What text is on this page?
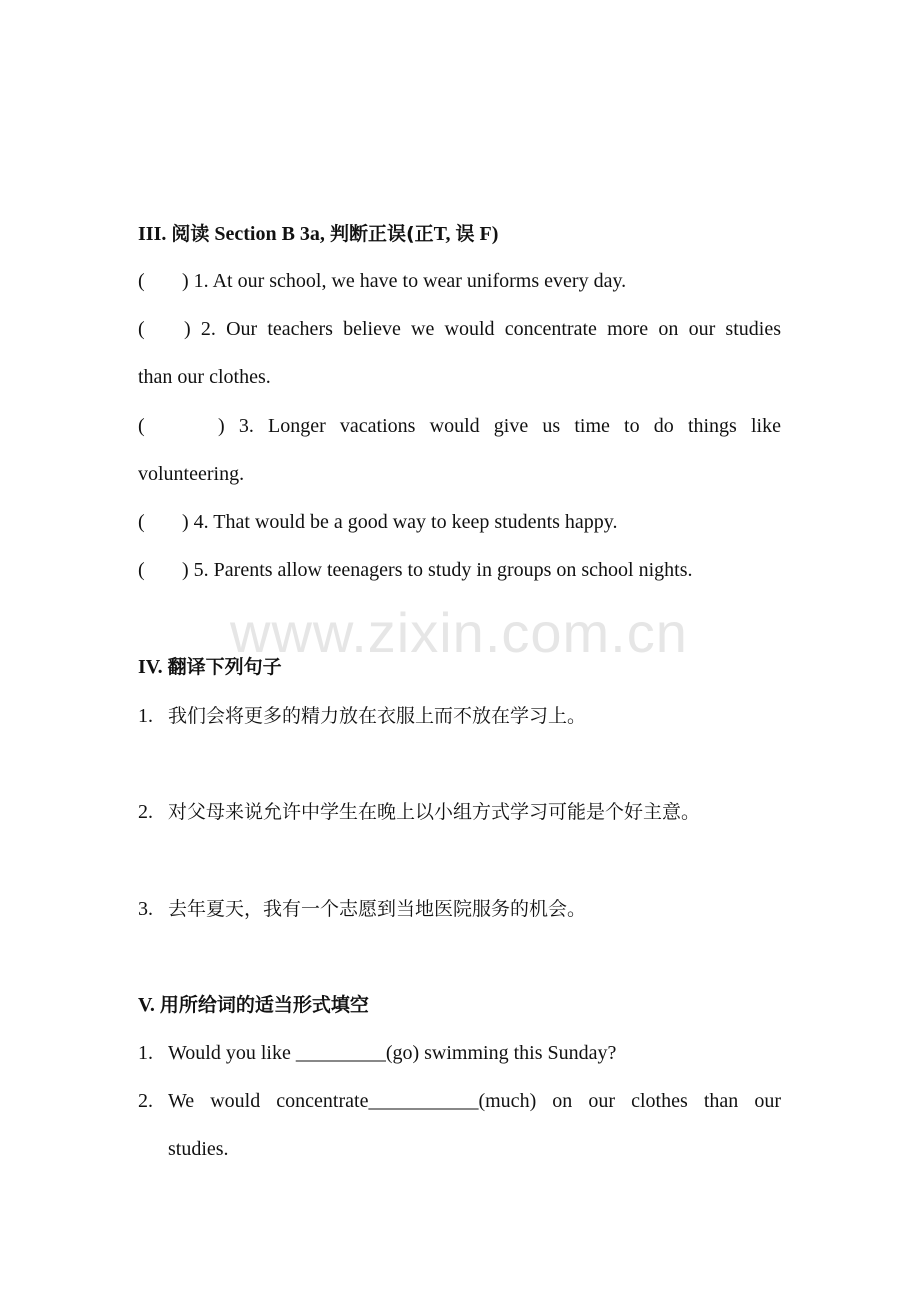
www.zixin.com.cn
III. 阅读 Section B 3a, 判断正误(正T, 误 F)
( ) 1. At our school, we have to wear uniforms every day.
( ) 2. Our teachers believe we would concentrate more on our studies
than our clothes.
(	) 3. Longer vacations would give us time to do things like
volunteering.
( ) 4. That would be a good way to keep students happy.
( ) 5. Parents allow teenagers to study in groups on school nights.
IV. 翻译下列句子
1. 我们会将更多的精力放在衣服上而不放在学习上。
2. 对父母来说允许中学生在晚上以小组方式学习可能是个好主意。
3. 去年夏天，我有一个志愿到当地医院服务的机会。
V. 用所给词的适当形式填空
1. Would you like _________(go) swimming this Sunday?
2. We would concentrate___________(much) on our clothes than our
studies.
